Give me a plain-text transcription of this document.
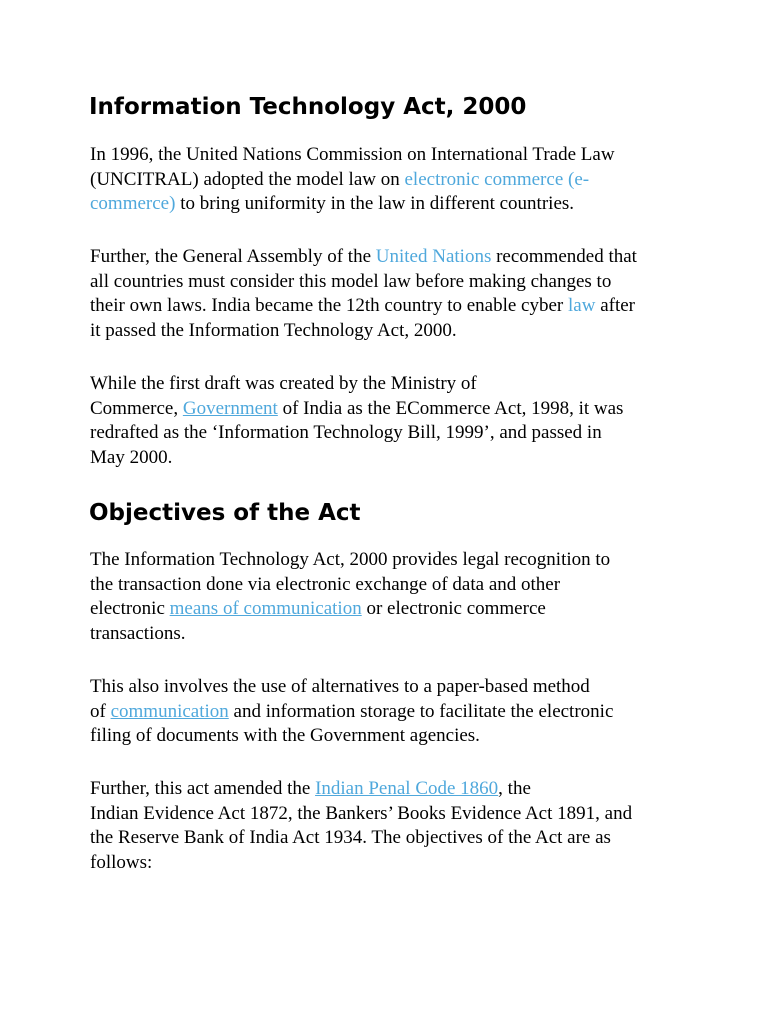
Information Technology Act, 2000

In 1996, the United Nations Commission on International Trade Law
(UNCITRAL) adopted the model law on electronic commerce (e-
commerce) to bring uniformity in the law in different countries.

Further, the General Assembly of the United Nations recommended that
all countries must consider this model law before making changes to
their own laws. India became the 12th country to enable cyber law after
it passed the Information Technology Act, 2000.

While the first draft was created by the Ministry of
Commerce, Government of India as the ECommerce Act, 1998, it was
redrafted as the ‘Information Technology Bill, 1999’, and passed in
May 2000.

Objectives of the Act

The Information Technology Act, 2000 provides legal recognition to
the transaction done via electronic exchange of data and other
electronic means of communication or electronic commerce
transactions.

This also involves the use of alternatives to a paper-based method
of communication and information storage to facilitate the electronic
filing of documents with the Government agencies.

Further, this act amended the Indian Penal Code 1860, the
Indian Evidence Act 1872, the Bankers’ Books Evidence Act 1891, and
the Reserve Bank of India Act 1934. The objectives of the Act are as
follows:
